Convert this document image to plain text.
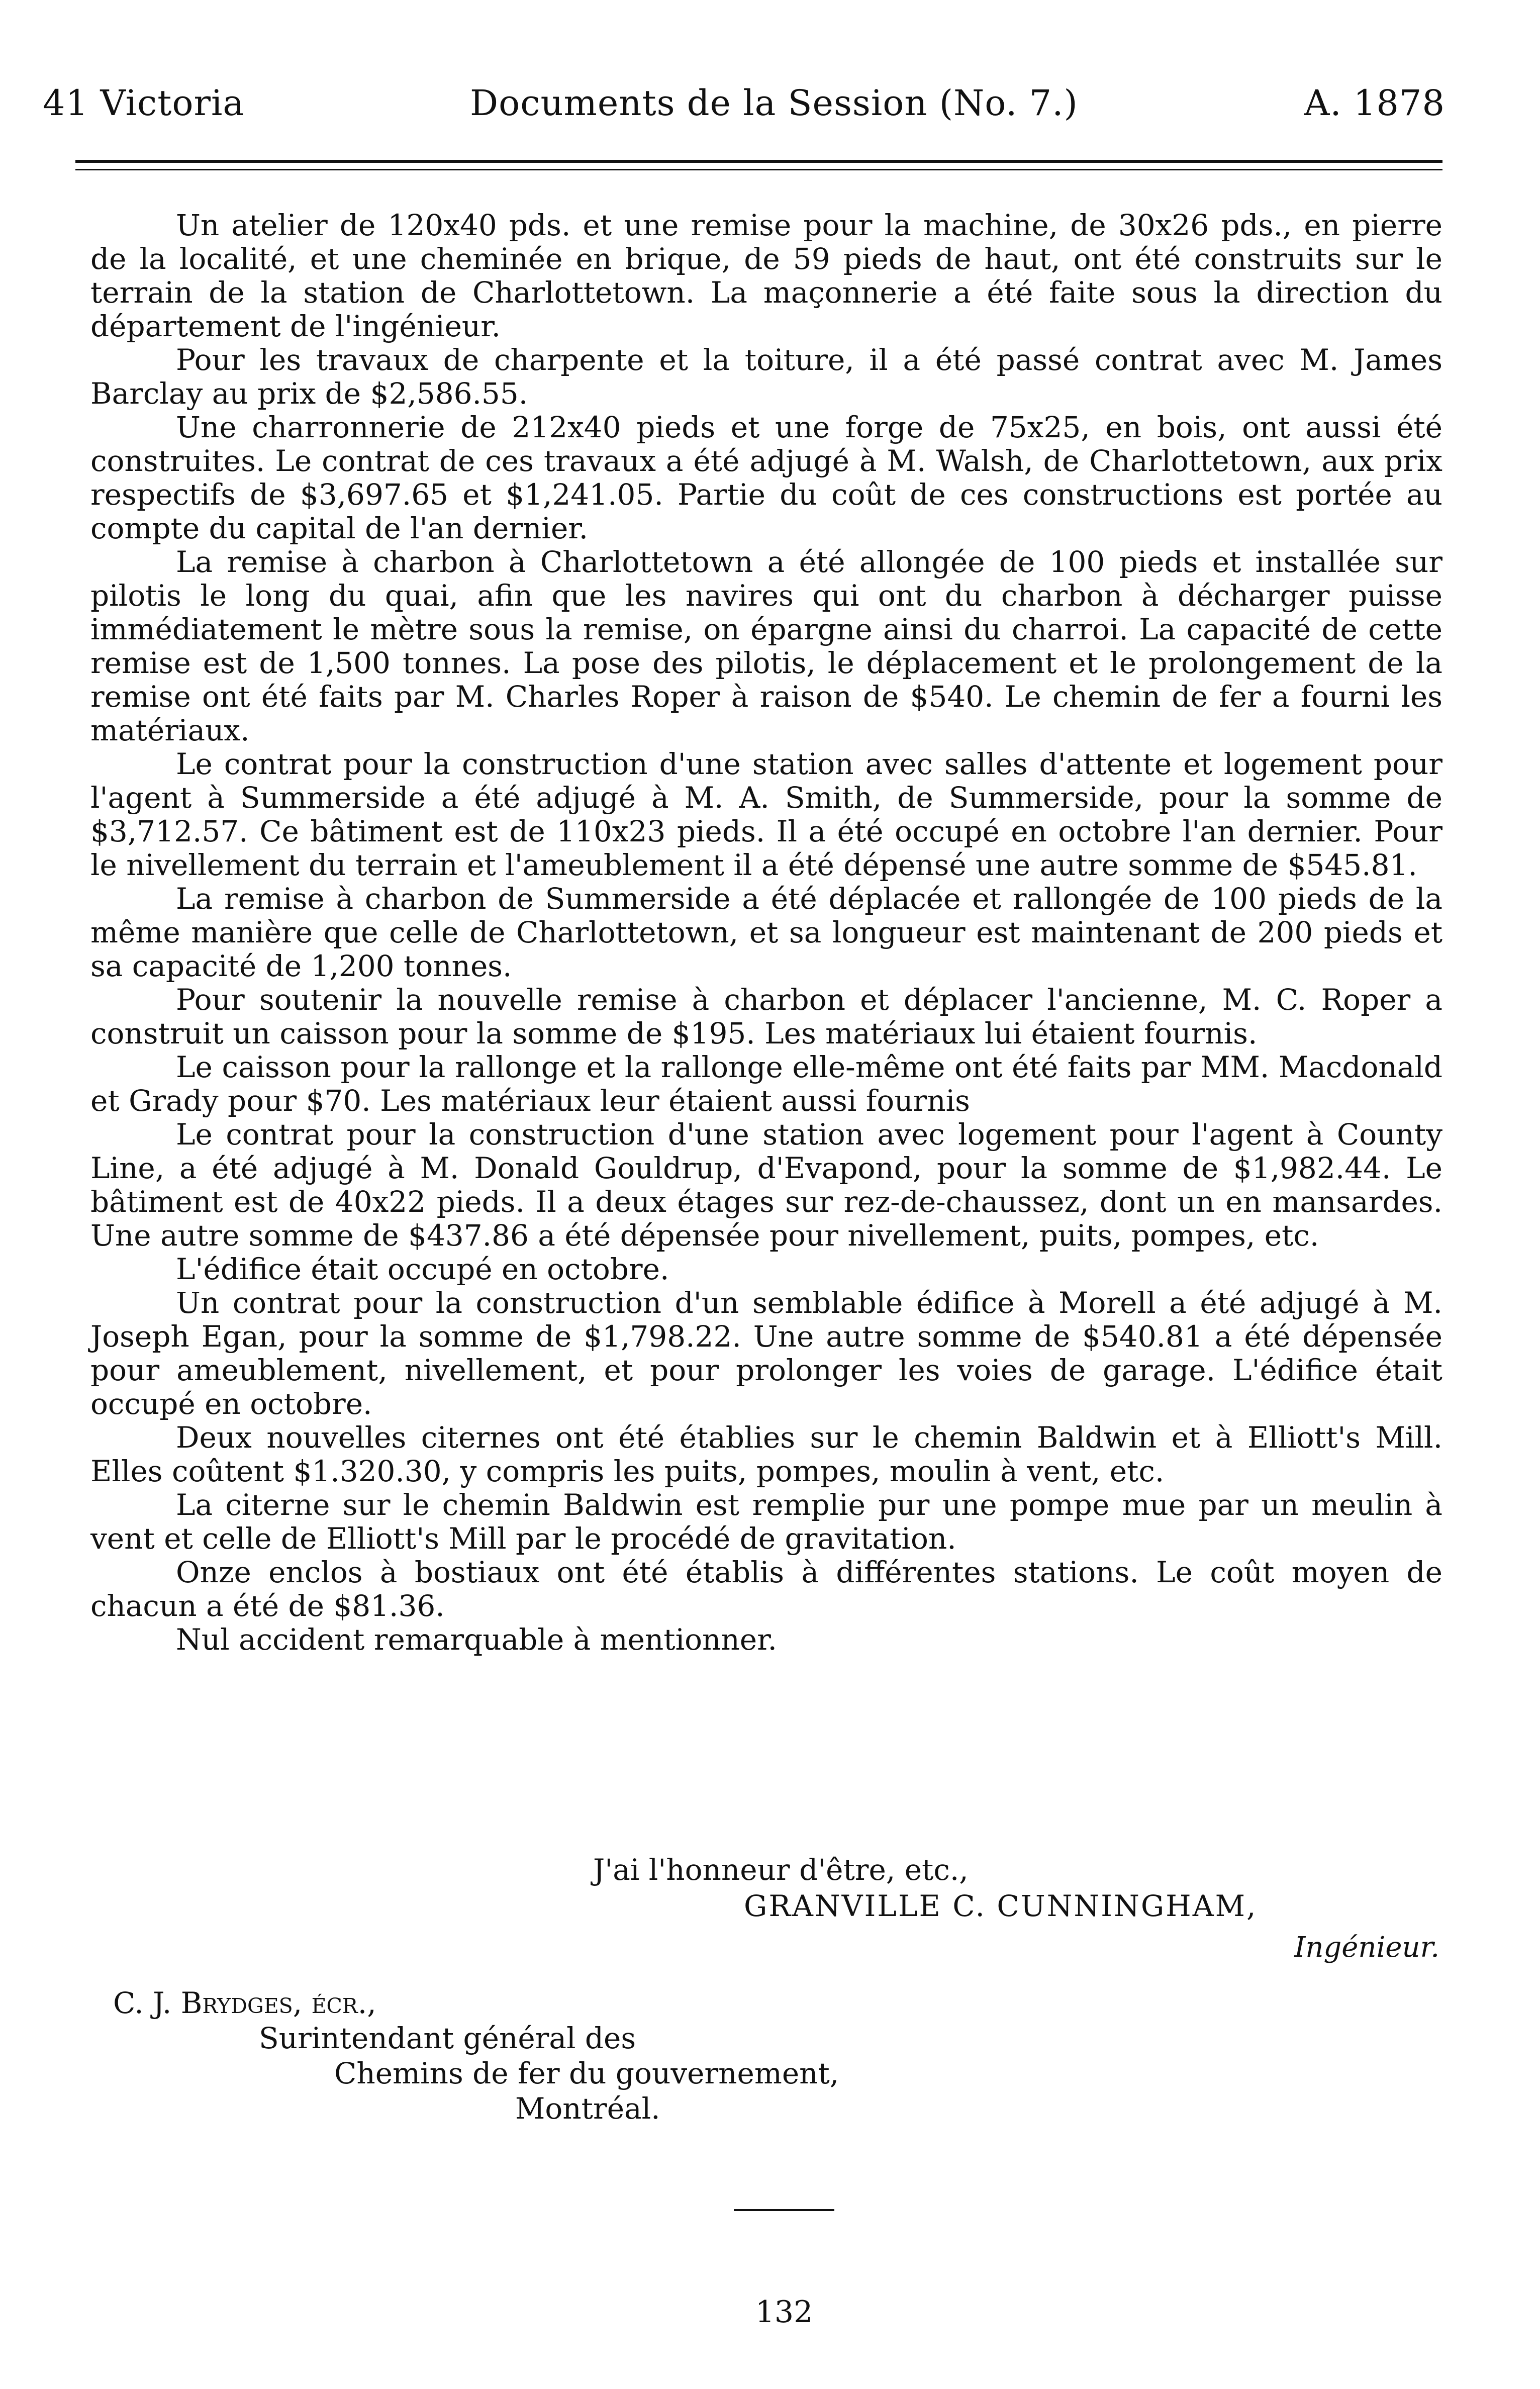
41 Victoria	Documents de la Session (No. 7.)	A. 1878

Un atelier de 120x40 pds. et une remise pour la machine, de 30x26 pds., en pierre de la localité, et une cheminée en brique, de 59 pieds de haut, ont été construits sur le terrain de la station de Charlottetown. La maçonnerie a été faite sous la direction du département de l'ingénieur.

Pour les travaux de charpente et la toiture, il a été passé contrat avec M. James Barclay au prix de $2,586.55.

Une charronnerie de 212x40 pieds et une forge de 75x25, en bois, ont aussi été construites. Le contrat de ces travaux a été adjugé à M. Walsh, de Charlottetown, aux prix respectifs de $3,697.65 et $1,241.05. Partie du coût de ces constructions est portée au compte du capital de l'an dernier.

La remise à charbon à Charlottetown a été allongée de 100 pieds et installée sur pilotis le long du quai, afin que les navires qui ont du charbon à décharger puisse immédiatement le mètre sous la remise, on épargne ainsi du charroi. La capacité de cette remise est de 1,500 tonnes. La pose des pilotis, le déplacement et le prolongement de la remise ont été faits par M. Charles Roper à raison de $540. Le chemin de fer a fourni les matériaux.

Le contrat pour la construction d'une station avec salles d'attente et logement pour l'agent à Summerside a été adjugé à M. A. Smith, de Summerside, pour la somme de $3,712.57. Ce bâtiment est de 110x23 pieds. Il a été occupé en octobre l'an dernier. Pour le nivellement du terrain et l'ameublement il a été dépensé une autre somme de $545.81.

La remise à charbon de Summerside a été déplacée et rallongée de 100 pieds de la même manière que celle de Charlottetown, et sa longueur est maintenant de 200 pieds et sa capacité de 1,200 tonnes.

Pour soutenir la nouvelle remise à charbon et déplacer l'ancienne, M. C. Roper a construit un caisson pour la somme de $195. Les matériaux lui étaient fournis.

Le caisson pour la rallonge et la rallonge elle-même ont été faits par MM. Macdonald et Grady pour $70. Les matériaux leur étaient aussi fournis

Le contrat pour la construction d'une station avec logement pour l'agent à County Line, a été adjugé à M. Donald Gouldrup, d'Evapond, pour la somme de $1,982.44. Le bâtiment est de 40x22 pieds. Il a deux étages sur rez-de-chaussez, dont un en mansardes. Une autre somme de $437.86 a été dépensée pour nivellement, puits, pompes, etc.

L'édifice était occupé en octobre.

Un contrat pour la construction d'un semblable édifice à Morell a été adjugé à M. Joseph Egan, pour la somme de $1,798.22. Une autre somme de $540.81 a été dépensée pour ameublement, nivellement, et pour prolonger les voies de garage. L'édifice était occupé en octobre.

Deux nouvelles citernes ont été établies sur le chemin Baldwin et à Elliott's Mill. Elles coûtent $1.320.30, y compris les puits, pompes, moulin à vent, etc.

La citerne sur le chemin Baldwin est remplie pur une pompe mue par un meulin à vent et celle de Elliott's Mill par le procédé de gravitation.

Onze enclos à bostiaux ont été établis à différentes stations. Le coût moyen de chacun a été de $81.36.

Nul accident remarquable à mentionner.

J'ai l'honneur d'être, etc.,
GRANVILLE C. CUNNINGHAM,
Ingénieur.
C. J. Brydges, écr.,
Surintendant général des
Chemins de fer du gouvernement,
Montréal.
132
